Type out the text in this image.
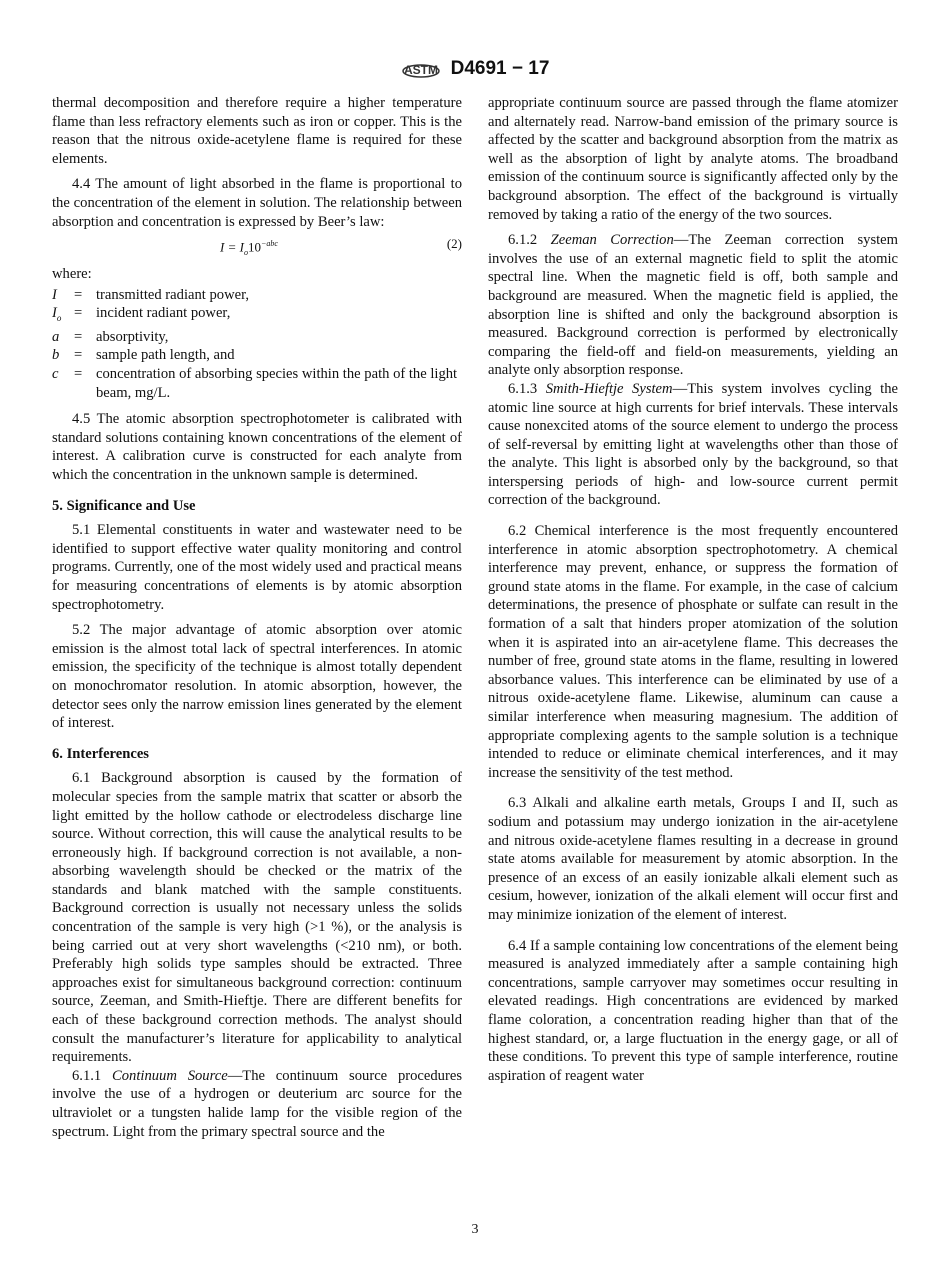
ASTM D4691 − 17

thermal decomposition and therefore require a higher temperature flame than less refractory elements such as iron or copper. This is the reason that the nitrous oxide-acetylene flame is required for these elements.

4.4 The amount of light absorbed in the flame is proportional to the concentration of the element in solution. The relationship between absorption and concentration is expressed by Beer’s law:

$I = I_o10^{-abc}$	(2)
where:
I	= transmitted radiant power,
$I_o$ = incident radiant power,
a	= absorptivity,
b	= sample path length, and
c	= concentration of absorbing species within the path of the light beam, mg/L.

4.5 The atomic absorption spectrophotometer is calibrated with standard solutions containing known concentrations of the element of interest. A calibration curve is constructed for each analyte from which the concentration in the unknown sample is determined.

5. Significance and Use

5.1 Elemental constituents in water and wastewater need to be identified to support effective water quality monitoring and control programs. Currently, one of the most widely used and practical means for measuring concentrations of elements is by atomic absorption spectrophotometry.

5.2 The major advantage of atomic absorption over atomic emission is the almost total lack of spectral interferences. In atomic emission, the specificity of the technique is almost totally dependent on monochromator resolution. In atomic absorption, however, the detector sees only the narrow emission lines generated by the element of interest.

6. Interferences

6.1 Background absorption is caused by the formation of molecular species from the sample matrix that scatter or absorb the light emitted by the hollow cathode or electrodeless discharge line source. Without correction, this will cause the analytical results to be erroneously high. If background correction is not available, a non-absorbing wavelength should be checked or the matrix of the standards and blank matched with the sample constituents. Background correction is usually not necessary unless the solids concentration of the sample is very high (>1 %), or the analysis is being carried out at very short wavelengths (<210 nm), or both. Preferably high solids type samples should be extracted. Three approaches exist for simultaneous background correction: continuum source, Zeeman, and Smith-Hieftje. There are different benefits for each of these background correction methods. The analyst should consult the manufacturer’s literature for applicability to analytical requirements.

6.1.1 Continuum Source—The continuum source procedures involve the use of a hydrogen or deuterium arc source for the ultraviolet or a tungsten halide lamp for the visible region of the spectrum. Light from the primary spectral source and the

appropriate continuum source are passed through the flame atomizer and alternately read. Narrow-band emission of the primary source is affected by the scatter and background absorption from the matrix as well as the absorption of light by analyte atoms. The broadband emission of the continuum source is significantly affected only by the background absorption. The effect of the background is virtually removed by taking a ratio of the energy of the two sources.

6.1.2 Zeeman Correction—The Zeeman correction system involves the use of an external magnetic field to split the atomic spectral line. When the magnetic field is off, both sample and background are measured. When the magnetic field is applied, the absorption line is shifted and only the background absorption is measured. Background correction is performed by electronically comparing the field-off and field-on measurements, yielding an analyte only absorption response.

6.1.3 Smith-Hieftje System—This system involves cycling the atomic line source at high currents for brief intervals. These intervals cause nonexcited atoms of the source element to undergo the process of self-reversal by emitting light at wavelengths other than those of the analyte. This light is absorbed only by the background, so that interspersing periods of high- and low-source current permit correction of the background.

6.2 Chemical interference is the most frequently encountered interference in atomic absorption spectrophotometry. A chemical interference may prevent, enhance, or suppress the formation of ground state atoms in the flame. For example, in the case of calcium determinations, the presence of phosphate or sulfate can result in the formation of a salt that hinders proper atomization of the solution when it is aspirated into an air-acetylene flame. This decreases the number of free, ground state atoms in the flame, resulting in lowered absorbance values. This interference can be eliminated by use of a nitrous oxide-acetylene flame. Likewise, aluminum can cause a similar interference when measuring magnesium. The addition of appropriate complexing agents to the sample solution is a technique intended to reduce or eliminate chemical interferences, and it may increase the sensitivity of the test method.

6.3 Alkali and alkaline earth metals, Groups I and II, such as sodium and potassium may undergo ionization in the air-acetylene and nitrous oxide-acetylene flames resulting in a decrease in ground state atoms available for measurement by atomic absorption. In the presence of an excess of an easily ionizable alkali element such as cesium, however, ionization of the alkali element will occur first and may minimize ionization of the element of interest.

6.4 If a sample containing low concentrations of the element being measured is analyzed immediately after a sample containing high concentrations, sample carryover may sometimes occur resulting in elevated readings. High concentrations are evidenced by marked flame coloration, a concentration reading higher than that of the highest standard, or, a large fluctuation in the energy gage, or all of these conditions. To prevent this type of sample interference, routine aspiration of reagent water

3
